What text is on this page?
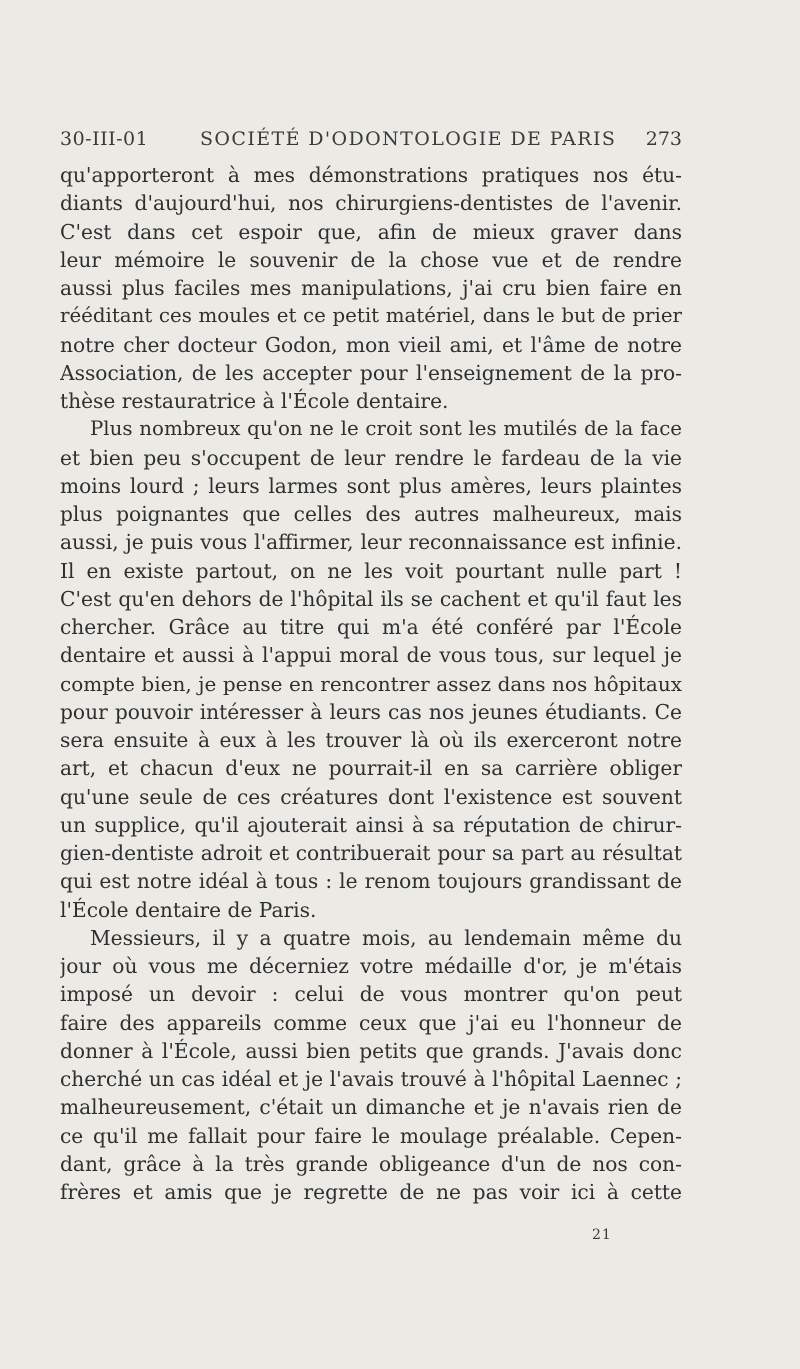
30-III-01	SOCIÉTÉ D'ODONTOLOGIE DE PARIS 273
qu'apporteront à mes démonstrations pratiques nos étu-
diants d'aujourd'hui, nos chirurgiens-dentistes de l'avenir.
C'est dans cet espoir que, afin de mieux graver dans
leur mémoire le souvenir de la chose vue et de rendre
aussi plus faciles mes manipulations, j'ai cru bien faire en
rééditant ces moules et ce petit matériel, dans le but de prier
notre cher docteur Godon, mon vieil ami, et l'âme de notre
Association, de les accepter pour l'enseignement de la pro-
thèse restauratrice à l'École dentaire.
Plus nombreux qu'on ne le croit sont les mutilés de la face
et bien peu s'occupent de leur rendre le fardeau de la vie
moins lourd ; leurs larmes sont plus amères, leurs plaintes
plus poignantes que celles des autres malheureux, mais
aussi, je puis vous l'affirmer, leur reconnaissance est infinie.
Il en existe partout, on ne les voit pourtant nulle part !
C'est qu'en dehors de l'hôpital ils se cachent et qu'il faut les
chercher. Grâce au titre qui m'a été conféré par l'École
dentaire et aussi à l'appui moral de vous tous, sur lequel je
compte bien, je pense en rencontrer assez dans nos hôpitaux
pour pouvoir intéresser à leurs cas nos jeunes étudiants. Ce
sera ensuite à eux à les trouver là où ils exerceront notre
art, et chacun d'eux ne pourrait-il en sa carrière obliger
qu'une seule de ces créatures dont l'existence est souvent
un supplice, qu'il ajouterait ainsi à sa réputation de chirur-
gien-dentiste adroit et contribuerait pour sa part au résultat
qui est notre idéal à tous : le renom toujours grandissant de
l'École dentaire de Paris.
Messieurs, il y a quatre mois, au lendemain même du
jour où vous me décerniez votre médaille d'or, je m'étais
imposé un devoir : celui de vous montrer qu'on peut
faire des appareils comme ceux que j'ai eu l'honneur de
donner à l'École, aussi bien petits que grands. J'avais donc
cherché un cas idéal et je l'avais trouvé à l'hôpital Laennec ;
malheureusement, c'était un dimanche et je n'avais rien de
ce qu'il me fallait pour faire le moulage préalable. Cepen-
dant, grâce à la très grande obligeance d'un de nos con-
frères et amis que je regrette de ne pas voir ici à cette
21
